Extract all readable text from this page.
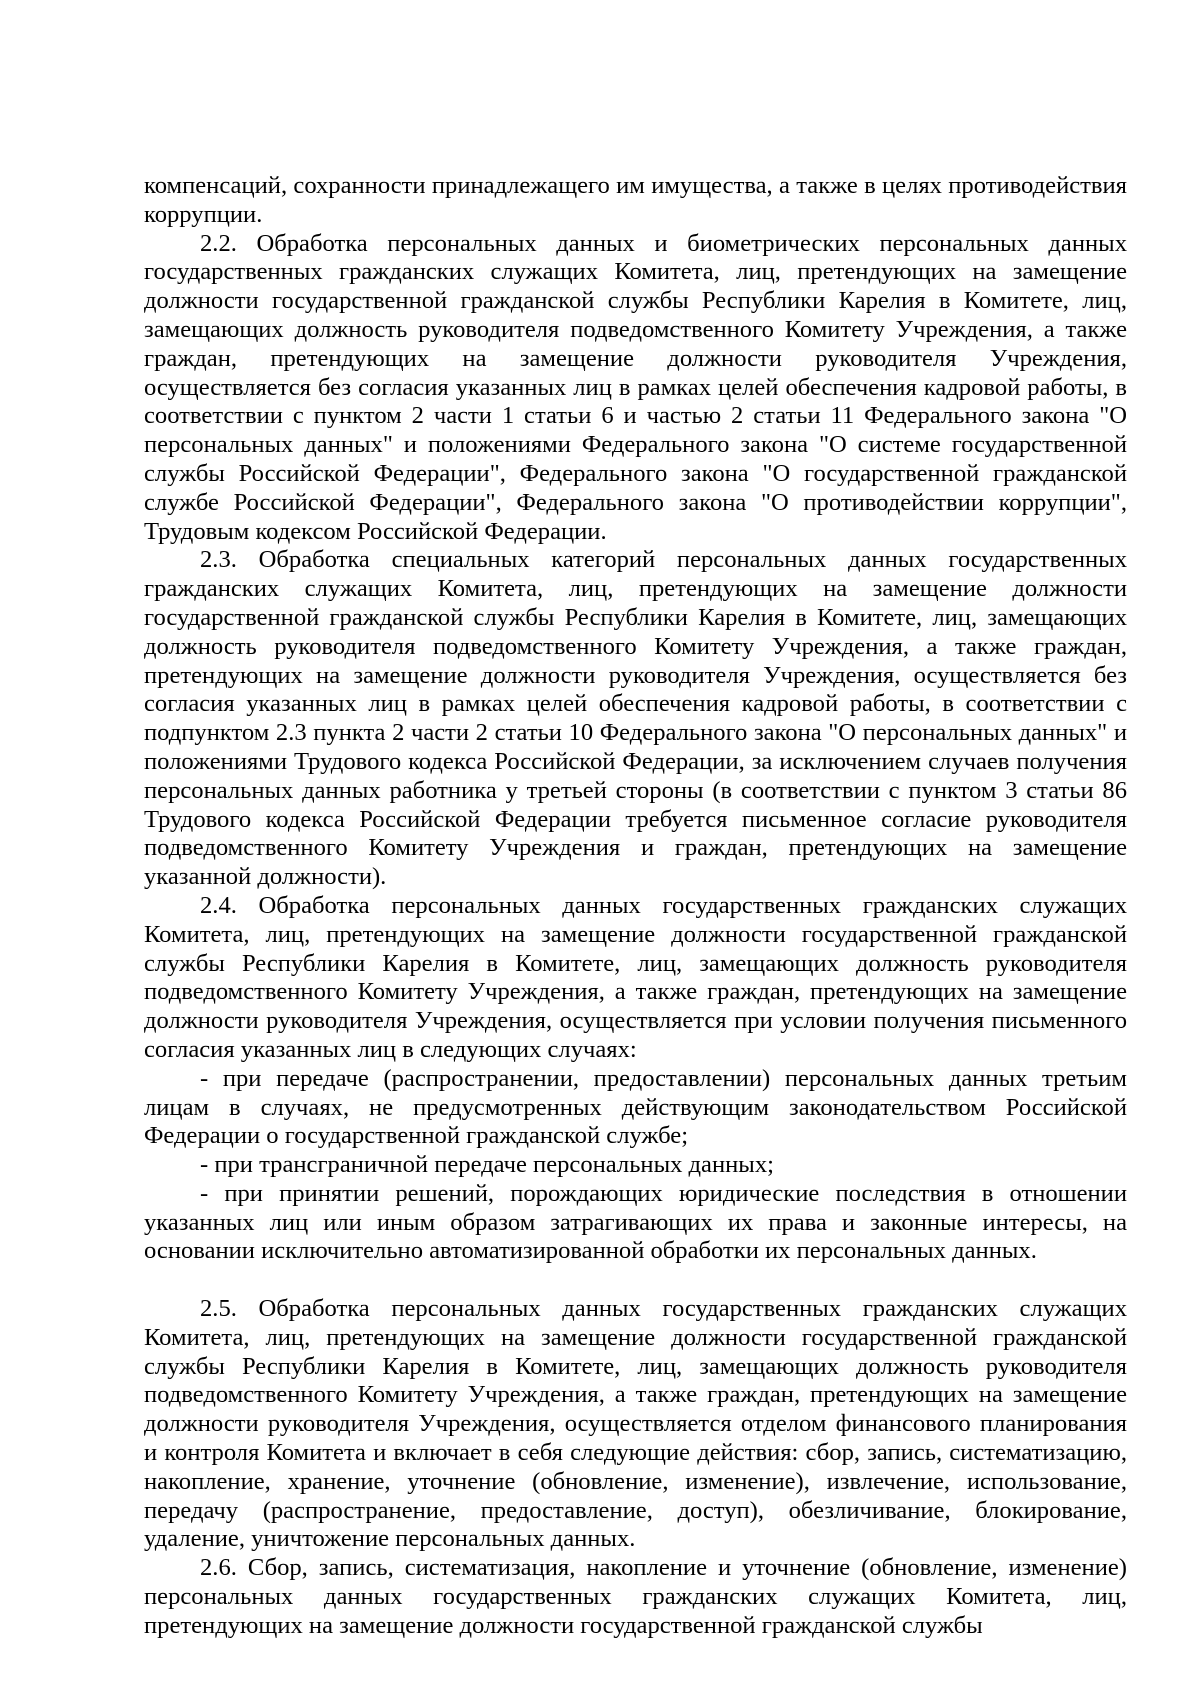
компенсаций, сохранности принадлежащего им имущества, а также в целях противодействия коррупции.

2.2. Обработка персональных данных и биометрических персональных данных государственных гражданских служащих Комитета, лиц, претендующих на замещение должности государственной гражданской службы Республики Карелия в Комитете, лиц, замещающих должность руководителя подведомственного Комитету Учреждения, а также граждан, претендующих на замещение должности руководителя Учреждения, осуществляется без согласия указанных лиц в рамках целей обеспечения кадровой работы, в соответствии с пунктом 2 части 1 статьи 6 и частью 2 статьи 11 Федерального закона "О персональных данных" и положениями Федерального закона "О системе государственной службы Российской Федерации", Федерального закона "О государственной гражданской службе Российской Федерации", Федерального закона "О противодействии коррупции", Трудовым кодексом Российской Федерации.

2.3. Обработка специальных категорий персональных данных государственных гражданских служащих Комитета, лиц, претендующих на замещение должности государственной гражданской службы Республики Карелия в Комитете, лиц, замещающих должность руководителя подведомственного Комитету Учреждения, а также граждан, претендующих на замещение должности руководителя Учреждения, осуществляется без согласия указанных лиц в рамках целей обеспечения кадровой работы, в соответствии с подпунктом 2.3 пункта 2 части 2 статьи 10 Федерального закона "О персональных данных" и положениями Трудового кодекса Российской Федерации, за исключением случаев получения персональных данных работника у третьей стороны (в соответствии с пунктом 3 статьи 86 Трудового кодекса Российской Федерации требуется письменное согласие руководителя подведомственного Комитету Учреждения и граждан, претендующих на замещение указанной должности).

2.4. Обработка персональных данных государственных гражданских служащих Комитета, лиц, претендующих на замещение должности государственной гражданской службы Республики Карелия в Комитете, лиц, замещающих должность руководителя подведомственного Комитету Учреждения, а также граждан, претендующих на замещение должности руководителя Учреждения, осуществляется при условии получения письменного согласия указанных лиц в следующих случаях:

- при передаче (распространении, предоставлении) персональных данных третьим лицам в случаях, не предусмотренных действующим законодательством Российской Федерации о государственной гражданской службе;

- при трансграничной передаче персональных данных;

- при принятии решений, порождающих юридические последствия в отношении указанных лиц или иным образом затрагивающих их права и законные интересы, на основании исключительно автоматизированной обработки их персональных данных.

2.5. Обработка персональных данных государственных гражданских служащих Комитета, лиц, претендующих на замещение должности государственной гражданской службы Республики Карелия в Комитете, лиц, замещающих должность руководителя подведомственного Комитету Учреждения, а также граждан, претендующих на замещение должности руководителя Учреждения, осуществляется отделом финансового планирования и контроля Комитета и включает в себя следующие действия: сбор, запись, систематизацию, накопление, хранение, уточнение (обновление, изменение), извлечение, использование, передачу (распространение, предоставление, доступ), обезличивание, блокирование, удаление, уничтожение персональных данных.

2.6. Сбор, запись, систематизация, накопление и уточнение (обновление, изменение) персональных данных государственных гражданских служащих Комитета, лиц, претендующих на замещение должности государственной гражданской службы
